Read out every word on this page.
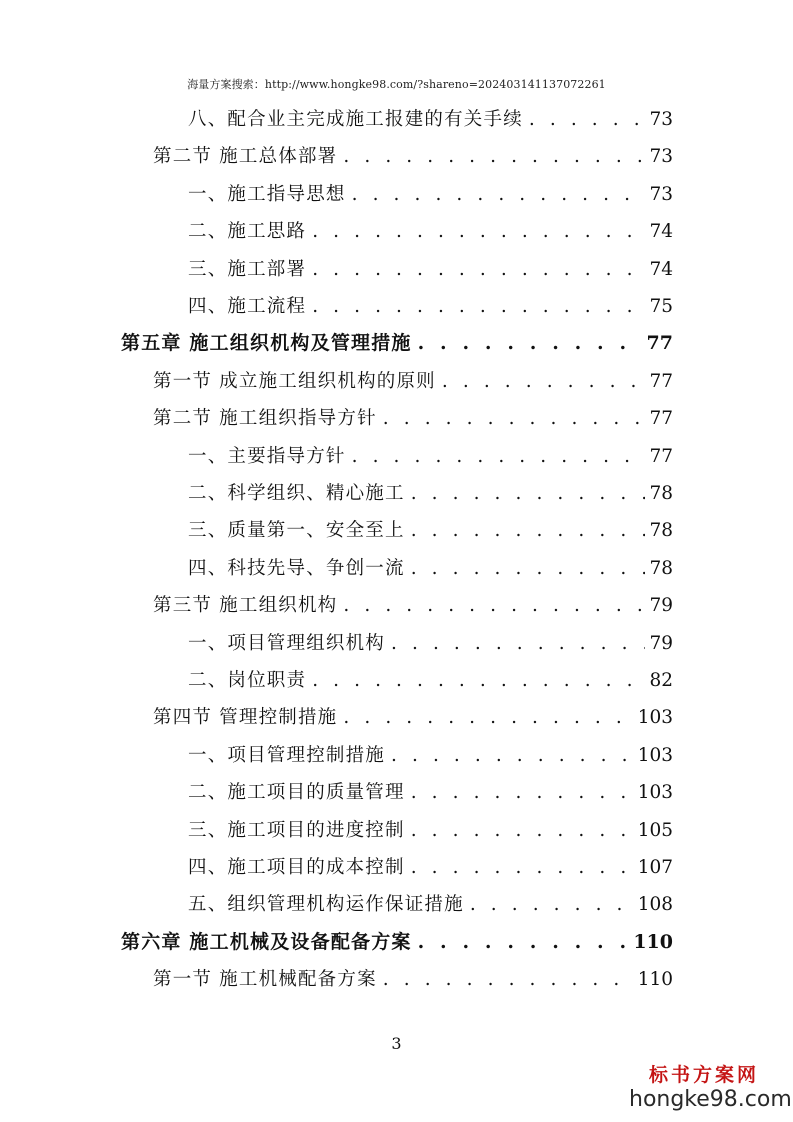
海量方案搜索：http://www.hongke98.com/?shareno=202403141137072261
八、配合业主完成施工报建的有关手续 . . .	73
第二节 施工总体部署 . . .	73
一、施工指导思想 . . .	73
二、施工思路 . . .	74
三、施工部署 . . .	74
四、施工流程 . . .	75
第五章 施工组织机构及管理措施 . . .	77
第一节 成立施工组织机构的原则 . . .	77
第二节 施工组织指导方针 . . .	77
一、主要指导方针 . . .	77
二、科学组织、精心施工 . . .	78
三、质量第一、安全至上 . . .	78
四、科技先导、争创一流 . . .	78
第三节 施工组织机构 . . .	79
一、项目管理组织机构 . . .	79
二、岗位职责 . . .	82
第四节 管理控制措施 . . .	103
一、项目管理控制措施 . . .	103
二、施工项目的质量管理 . . .	103
三、施工项目的进度控制 . . .	105
四、施工项目的成本控制 . . .	107
五、组织管理机构运作保证措施 . . .	108
第六章 施工机械及设备配备方案 . . .	110
第一节 施工机械配备方案 . . .	110
3
标书方案网
hongke98.com
